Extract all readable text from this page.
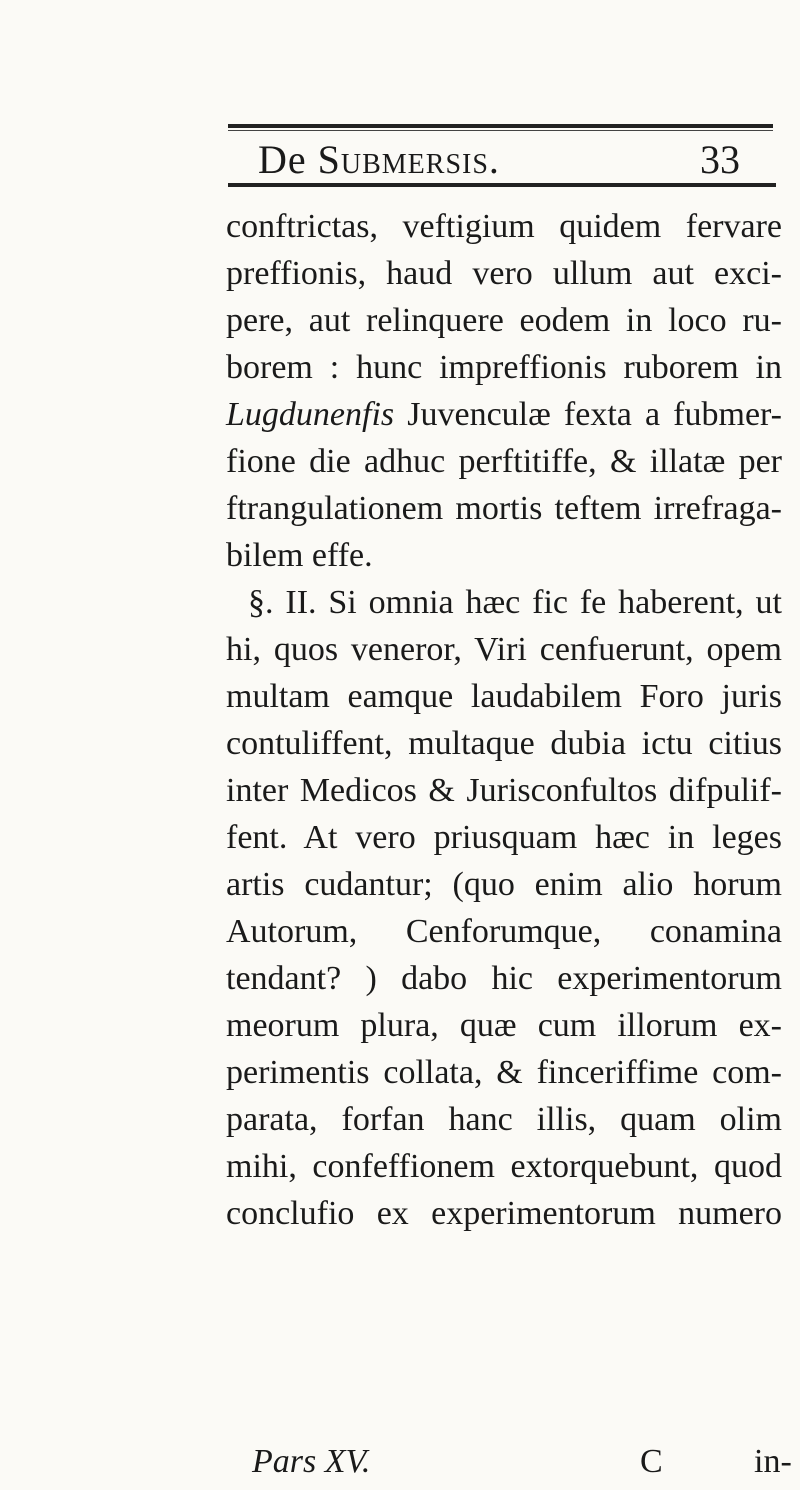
De Submersis.	33
conftrictas, veftigium quidem fervare
preffionis, haud vero ullum aut exci-
pere, aut relinquere eodem in loco ru-
borem : hunc impreffionis ruborem in
Lugdunenfis Juvenculæ fexta a fubmer-
fione die adhuc perftitiffe, & illatæ per
ftrangulationem mortis teftem irrefraga-
bilem effe.
§. II. Si omnia hæc fic fe haberent, ut
hi, quos veneror, Viri cenfuerunt, opem
multam eamque laudabilem Foro juris
contuliffent, multaque dubia ictu citius
inter Medicos & Jurisconfultos difpulif-
fent. At vero priusquam hæc in leges
artis cudantur; (quo enim alio horum
Autorum, Cenforumque, conamina
tendant? ) dabo hic experimentorum
meorum plura, quæ cum illorum ex-
perimentis collata, & finceriffime com-
parata, forfan hanc illis, quam olim
mihi, confeffionem extorquebunt, quod
conclufio ex experimentorum numero
Pars XV.	C	in-
